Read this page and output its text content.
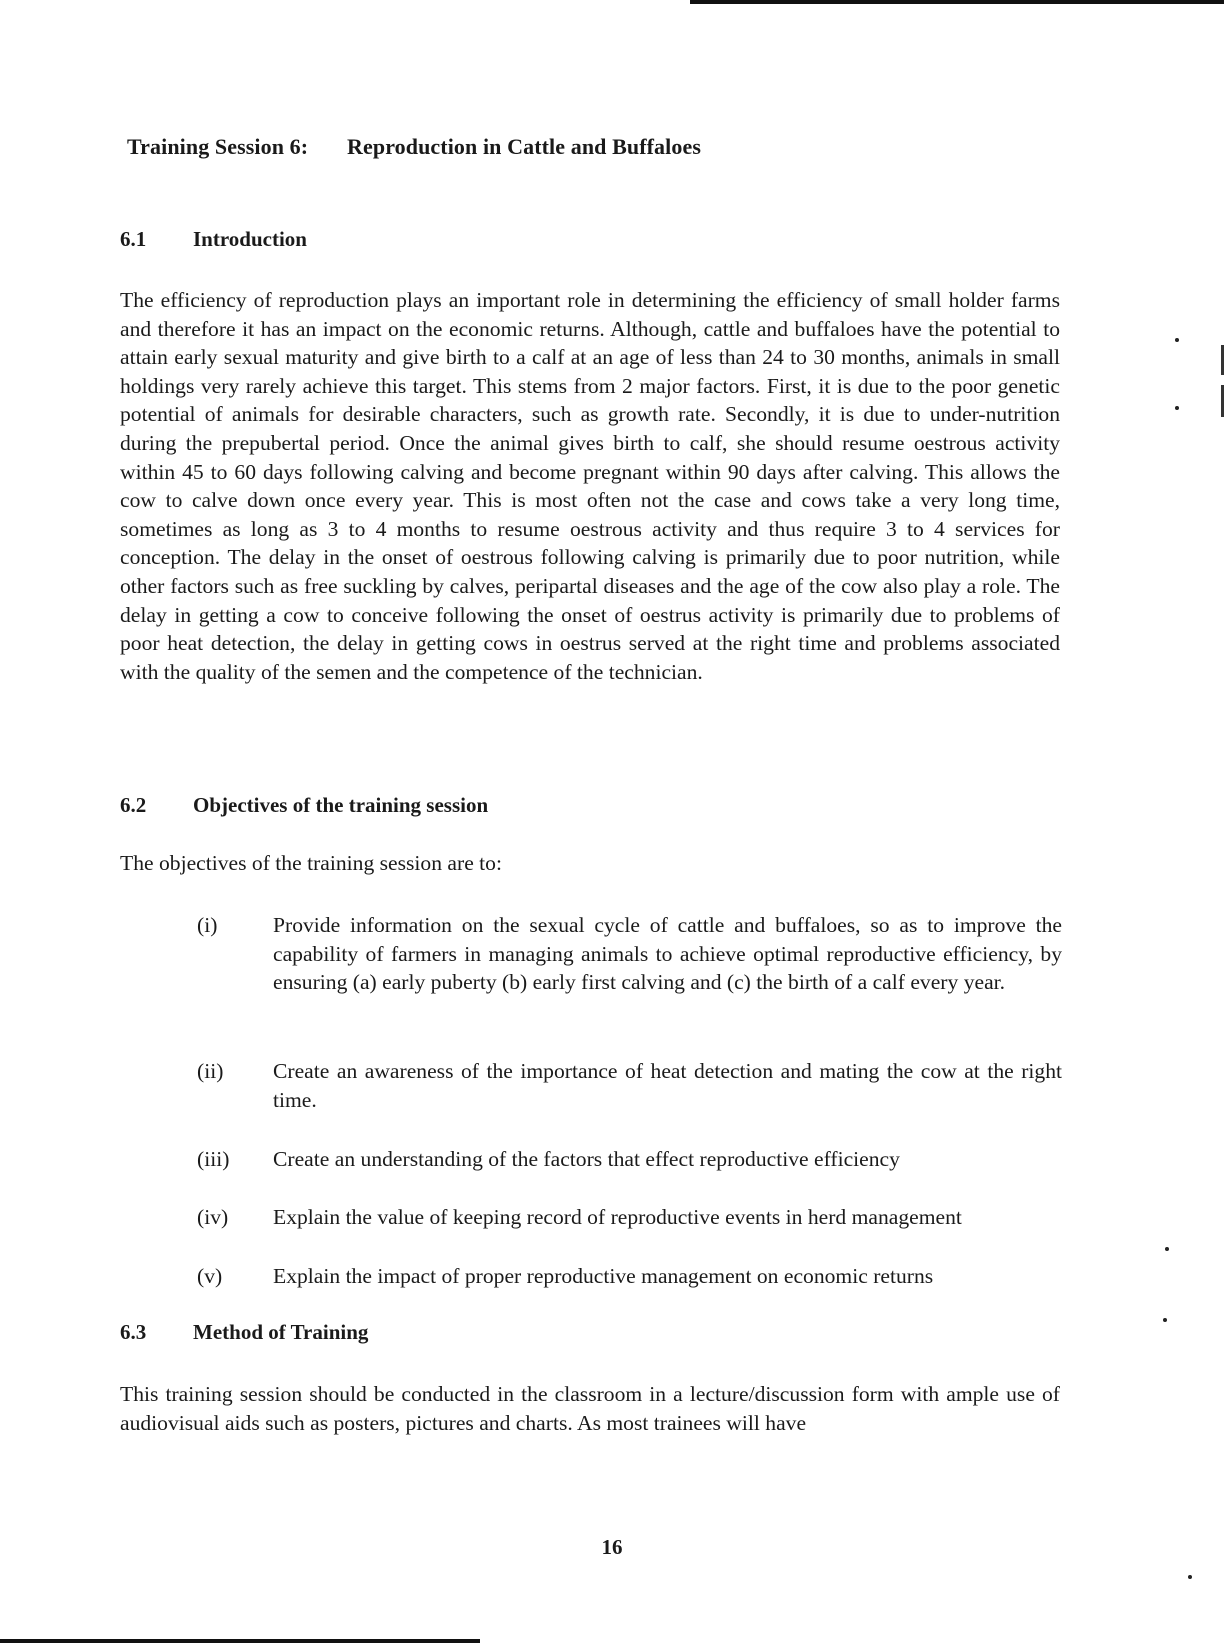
Training Session 6: Reproduction in Cattle and Buffaloes
6.1 Introduction

The efficiency of reproduction plays an important role in determining the efficiency of small holder farms and therefore it has an impact on the economic returns. Although, cattle and buffaloes have the potential to attain early sexual maturity and give birth to a calf at an age of less than 24 to 30 months, animals in small holdings very rarely achieve this target. This stems from 2 major factors. First, it is due to the poor genetic potential of animals for desirable characters, such as growth rate. Secondly, it is due to under-nutrition during the prepubertal period. Once the animal gives birth to calf, she should resume oestrous activity within 45 to 60 days following calving and become pregnant within 90 days after calving. This allows the cow to calve down once every year. This is most often not the case and cows take a very long time, sometimes as long as 3 to 4 months to resume oestrous activity and thus require 3 to 4 services for conception. The delay in the onset of oestrous following calving is primarily due to poor nutrition, while other factors such as free suckling by calves, peripartal diseases and the age of the cow also play a role. The delay in getting a cow to conceive following the onset of oestrus activity is primarily due to problems of poor heat detection, the delay in getting cows in oestrus served at the right time and problems associated with the quality of the semen and the competence of the technician.

6.2 Objectives of the training session

The objectives of the training session are to:

(i)	Provide information on the sexual cycle of cattle and buffaloes, so as to improve the capability of farmers in managing animals to achieve optimal reproductive efficiency, by ensuring (a) early puberty (b) early first calving and (c) the birth of a calf every year.
(ii)	Create an awareness of the importance of heat detection and mating the cow at the right time.
(iii)	Create an understanding of the factors that effect reproductive efficiency
(iv)	Explain the value of keeping record of reproductive events in herd management
(v)	Explain the impact of proper reproductive management on economic returns
6.3 Method of Training

This training session should be conducted in the classroom in a lecture/discussion form with ample use of audiovisual aids such as posters, pictures and charts. As most trainees will have

16
